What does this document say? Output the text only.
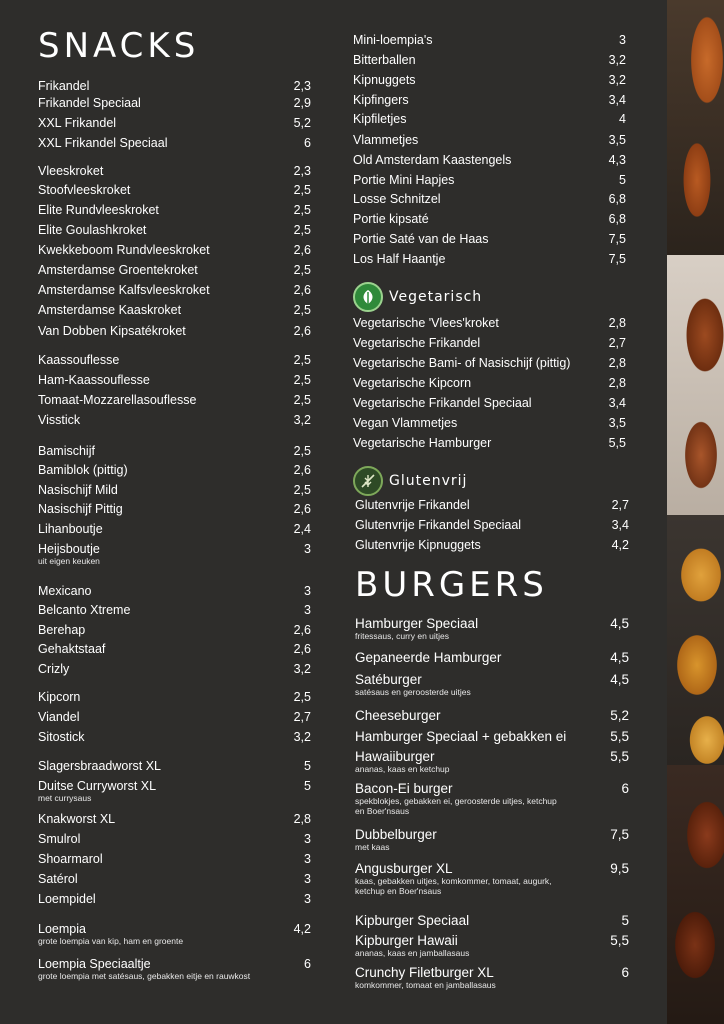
SNACKS
BURGERS
Vegetarisch
Glutenvrij
Frikandel	2,3
Frikandel Speciaal	2,9
XXL Frikandel	5,2
XXL Frikandel Speciaal	6
Vleeskroket	2,3
Stoofvleeskroket	2,5
Elite Rundvleeskroket	2,5
Elite Goulashkroket	2,5
Kwekkeboom Rundvleeskroket	2,6
Amsterdamse Groentekroket	2,5
Amsterdamse Kalfsvleeskroket	2,6
Amsterdamse Kaaskroket	2,5
Van Dobben Kipsatékroket	2,6
Kaassouflesse	2,5
Ham-Kaassouflesse	2,5
Tomaat-Mozzarellasouflesse	2,5
Visstick	3,2
Bamischijf	2,5
Bamiblok (pittig)	2,6
Nasischijf Mild	2,5
Nasischijf Pittig	2,6
Lihanboutje	2,4
Heijsboutje	3
uit eigen keuken
Mexicano	3
Belcanto Xtreme	3
Berehap	2,6
Gehaktstaaf	2,6
Crizly	3,2
Kipcorn	2,5
Viandel	2,7
Sitostick	3,2
Slagersbraadworst XL	5
Duitse Curryworst XL	5
met currysaus
Knakworst XL	2,8
Smulrol	3
Shoarmarol	3
Satérol	3
Loempidel	3
Loempia	4,2
grote loempia van kip, ham en groente
Loempia Speciaaltje	6
grote loempia met satésaus, gebakken eitje en rauwkost
Mini-loempia's	3
Bitterballen	3,2
Kipnuggets	3,2
Kipfingers	3,4
Kipfiletjes	4
Vlammetjes	3,5
Old Amsterdam Kaastengels	4,3
Portie Mini Hapjes	5
Losse Schnitzel	6,8
Portie kipsaté	6,8
Portie Saté van de Haas	7,5
Los Half Haantje	7,5
Vegetarische 'Vlees'kroket	2,8
Vegetarische Frikandel	2,7
Vegetarische Bami- of Nasischijf (pittig)	2,8
Vegetarische Kipcorn	2,8
Vegetarische Frikandel Speciaal	3,4
Vegan Vlammetjes	3,5
Vegetarische Hamburger	5,5
Glutenvrije Frikandel	2,7
Glutenvrije Frikandel Speciaal	3,4
Glutenvrije Kipnuggets	4,2
Hamburger Speciaal	4,5
fritessaus, curry en uitjes
Gepaneerde Hamburger	4,5
Satéburger	4,5
satésaus en geroosterde uitjes
Cheeseburger	5,2
Hamburger Speciaal + gebakken ei	5,5
Hawaiiburger	5,5
ananas, kaas en ketchup
Bacon-Ei burger	6
spekblokjes, gebakken ei, geroosterde uitjes, ketchup
en Boer'nsaus
Dubbelburger	7,5
met kaas
Angusburger XL	9,5
kaas, gebakken uitjes, komkommer, tomaat, augurk,
ketchup en Boer'nsaus
Kipburger Speciaal	5
Kipburger Hawaii	5,5
ananas, kaas en jamballasaus
Crunchy Filetburger XL	6
komkommer, tomaat en jamballasaus
